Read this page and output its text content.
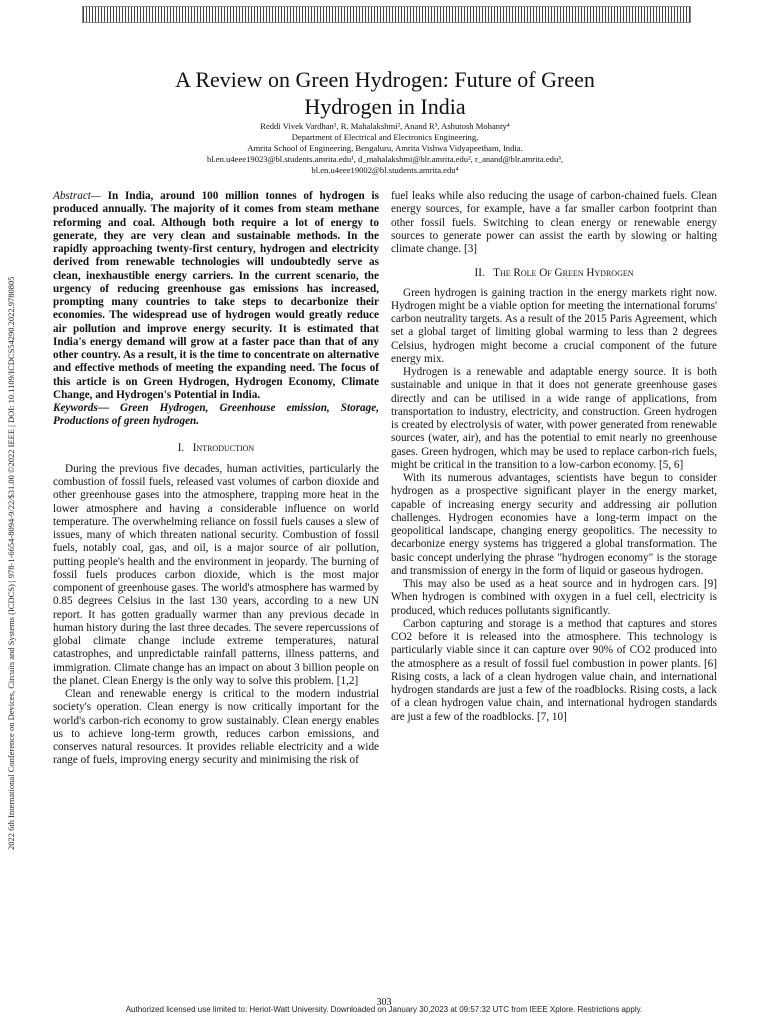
A Review on Green Hydrogen: Future of Green
Hydrogen in India
Reddi Vivek Vardhan¹, R. Mahalakshmi², Anand R³, Ashutosh Mohanty⁴
Department of Electrical and Electronics Engineering,
Amrita School of Engineering, Bengaluru, Amrita Vishwa Vidyapeetham, India.
bl.en.u4eee19023@bl.students.amrita.edu¹, d_mahalakshmi@blr.amrita.edu², r_anand@blr.amrita.edu³,
bl.en.u4eee19002@bl.students.amrita.edu⁴
2022 6th International Conference on Devices, Circuits and Systems (ICDCS) | 978-1-6654-8094-9/22/$31.00 ©2022 IEEE | DOI: 10.1109/ICDCS54290.2022.9780805

Abstract— In India, around 100 million tonnes of hydrogen is produced annually. The majority of it comes from steam methane reforming and coal. Although both require a lot of energy to generate, they are very clean and sustainable methods. In the rapidly approaching twenty-first century, hydrogen and electricity derived from renewable technologies will undoubtedly serve as clean, inexhaustible energy carriers. In the current scenario, the urgency of reducing greenhouse gas emissions has increased, prompting many countries to take steps to decarbonize their economies. The widespread use of hydrogen would greatly reduce air pollution and improve energy security. It is estimated that India's energy demand will grow at a faster pace than that of any other country. As a result, it is the time to concentrate on alternative and effective methods of meeting the expanding need. The focus of this article is on Green Hydrogen, Hydrogen Economy, Climate Change, and Hydrogen's Potential in India.

Keywords— Green Hydrogen, Greenhouse emission, Storage, Productions of green hydrogen.

I. Introduction

During the previous five decades, human activities, particularly the combustion of fossil fuels, released vast volumes of carbon dioxide and other greenhouse gases into the atmosphere, trapping more heat in the lower atmosphere and having a considerable influence on world temperature. The overwhelming reliance on fossil fuels causes a slew of issues, many of which threaten national security. Combustion of fossil fuels, notably coal, gas, and oil, is a major source of air pollution, putting people's health and the environment in jeopardy. The burning of fossil fuels produces carbon dioxide, which is the most major component of greenhouse gases. The world's atmosphere has warmed by 0.85 degrees Celsius in the last 130 years, according to a new UN report. It has gotten gradually warmer than any previous decade in human history during the last three decades. The severe repercussions of global climate change include extreme temperatures, natural catastrophes, and unpredictable rainfall patterns, illness patterns, and immigration. Climate change has an impact on about 3 billion people on the planet. Clean Energy is the only way to solve this problem. [1,2]

Clean and renewable energy is critical to the modern industrial society's operation. Clean energy is now critically important for the world's carbon-rich economy to grow sustainably. Clean energy enables us to achieve long-term growth, reduces carbon emissions, and conserves natural resources. It provides reliable electricity and a wide range of fuels, improving energy security and minimising the risk of

fuel leaks while also reducing the usage of carbon-chained fuels. Clean energy sources, for example, have a far smaller carbon footprint than other fossil fuels. Switching to clean energy or renewable energy sources to generate power can assist the earth by slowing or halting climate change. [3]

II. The Role Of Green Hydrogen

Green hydrogen is gaining traction in the energy markets right now. Hydrogen might be a viable option for meeting the international forums' carbon neutrality targets. As a result of the 2015 Paris Agreement, which set a global target of limiting global warming to less than 2 degrees Celsius, hydrogen might become a crucial component of the future energy mix.

Hydrogen is a renewable and adaptable energy source. It is both sustainable and unique in that it does not generate greenhouse gases directly and can be utilised in a wide range of applications, from transportation to industry, electricity, and construction. Green hydrogen is created by electrolysis of water, with power generated from renewable sources (water, air), and has the potential to emit nearly no greenhouse gases. Green hydrogen, which may be used to replace carbon-rich fuels, might be critical in the transition to a low-carbon economy. [5, 6]

With its numerous advantages, scientists have begun to consider hydrogen as a prospective significant player in the energy market, capable of increasing energy security and addressing air pollution challenges. Hydrogen economies have a long-term impact on the geopolitical landscape, changing energy geopolitics. The necessity to decarbonize energy systems has triggered a global transformation. The basic concept underlying the phrase "hydrogen economy" is the storage and transmission of energy in the form of liquid or gaseous hydrogen.

This may also be used as a heat source and in hydrogen cars. [9] When hydrogen is combined with oxygen in a fuel cell, electricity is produced, which reduces pollutants significantly.

Carbon capturing and storage is a method that captures and stores CO2 before it is released into the atmosphere. This technology is particularly viable since it can capture over 90% of CO2 produced into the atmosphere as a result of fossil fuel combustion in power plants. [6] Rising costs, a lack of a clean hydrogen value chain, and international hydrogen standards are just a few of the roadblocks. Rising costs, a lack of a clean hydrogen value chain, and international hydrogen standards are just a few of the roadblocks. [7, 10]

303
Authorized licensed use limited to: Heriot-Watt University. Downloaded on January 30,2023 at 09:57:32 UTC from IEEE Xplore. Restrictions apply.
